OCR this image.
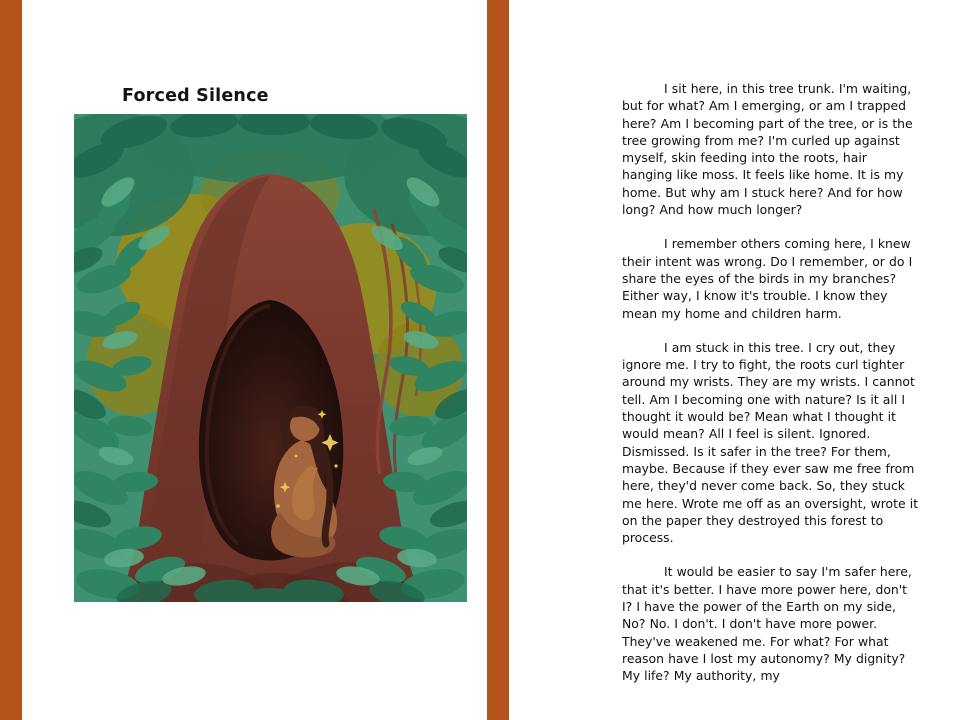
Forced Silence	I sit here, in this tree trunk. I'm waiting, but for what? Am I emerging, or am I trapped here? Am I becoming part of the tree, or is the tree growing from me? I'm curled up against myself, skin feeding into the roots, hair hanging like moss. It feels like home. It is my home. But why am I stuck here? And for how long? And how much longer?

I remember others coming here, I knew their intent was wrong. Do I remember, or do I share the eyes of the birds in my branches? Either way, I know it's trouble. I know they mean my home and children harm.

I am stuck in this tree. I cry out, they ignore me. I try to fight, the roots curl tighter around my wrists. They are my wrists. I cannot tell. Am I becoming one with nature? Is it all I thought it would be? Mean what I thought it would mean? All I feel is silent. Ignored. Dismissed. Is it safer in the tree? For them, maybe. Because if they ever saw me free from here, they'd never come back. So, they stuck me here. Wrote me off as an oversight, wrote it on the paper they destroyed this forest to process.

It would be easier to say I'm safer here, that it's better. I have more power here, don't I? I have the power of the Earth on my side, No? No. I don't. I don't have more power. They've weakened me. For what? For what reason have I lost my autonomy? My dignity? My life? My authority, my
